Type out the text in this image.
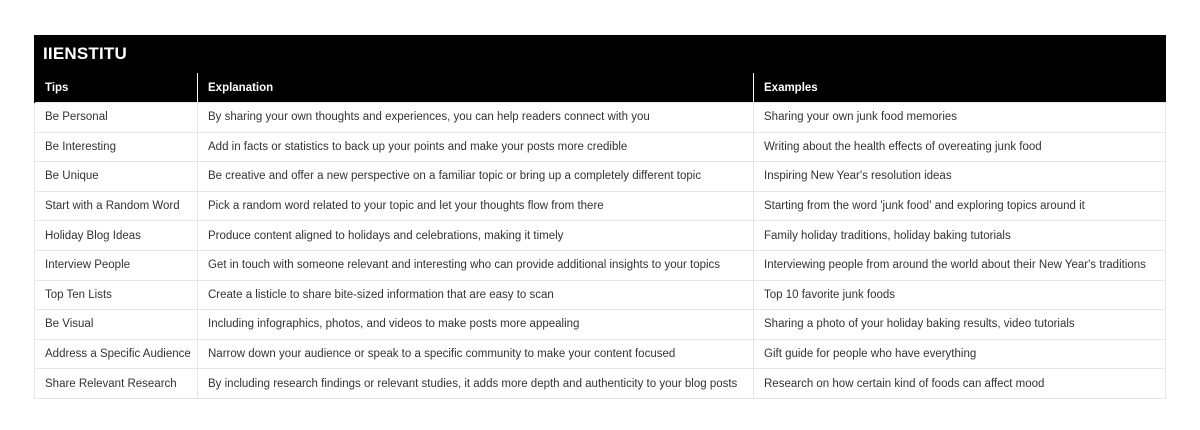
IIENSTITU		
Tips	Explanation	Examples
Be Personal	By sharing your own thoughts and experiences, you can help readers connect with you	Sharing your own junk food memories
Be Interesting	Add in facts or statistics to back up your points and make your posts more credible	Writing about the health effects of overeating junk food
Be Unique	Be creative and offer a new perspective on a familiar topic or bring up a completely different topic	Inspiring New Year's resolution ideas
Start with a Random Word	Pick a random word related to your topic and let your thoughts flow from there	Starting from the word 'junk food' and exploring topics around it
Holiday Blog Ideas	Produce content aligned to holidays and celebrations, making it timely	Family holiday traditions, holiday baking tutorials
Interview People	Get in touch with someone relevant and interesting who can provide additional insights to your topics	Interviewing people from around the world about their New Year's traditions
Top Ten Lists	Create a listicle to share bite-sized information that are easy to scan	Top 10 favorite junk foods
Be Visual	Including infographics, photos, and videos to make posts more appealing	Sharing a photo of your holiday baking results, video tutorials
Address a Specific Audience	Narrow down your audience or speak to a specific community to make your content focused	Gift guide for people who have everything
Share Relevant Research	By including research findings or relevant studies, it adds more depth and authenticity to your blog posts	Research on how certain kind of foods can affect mood
